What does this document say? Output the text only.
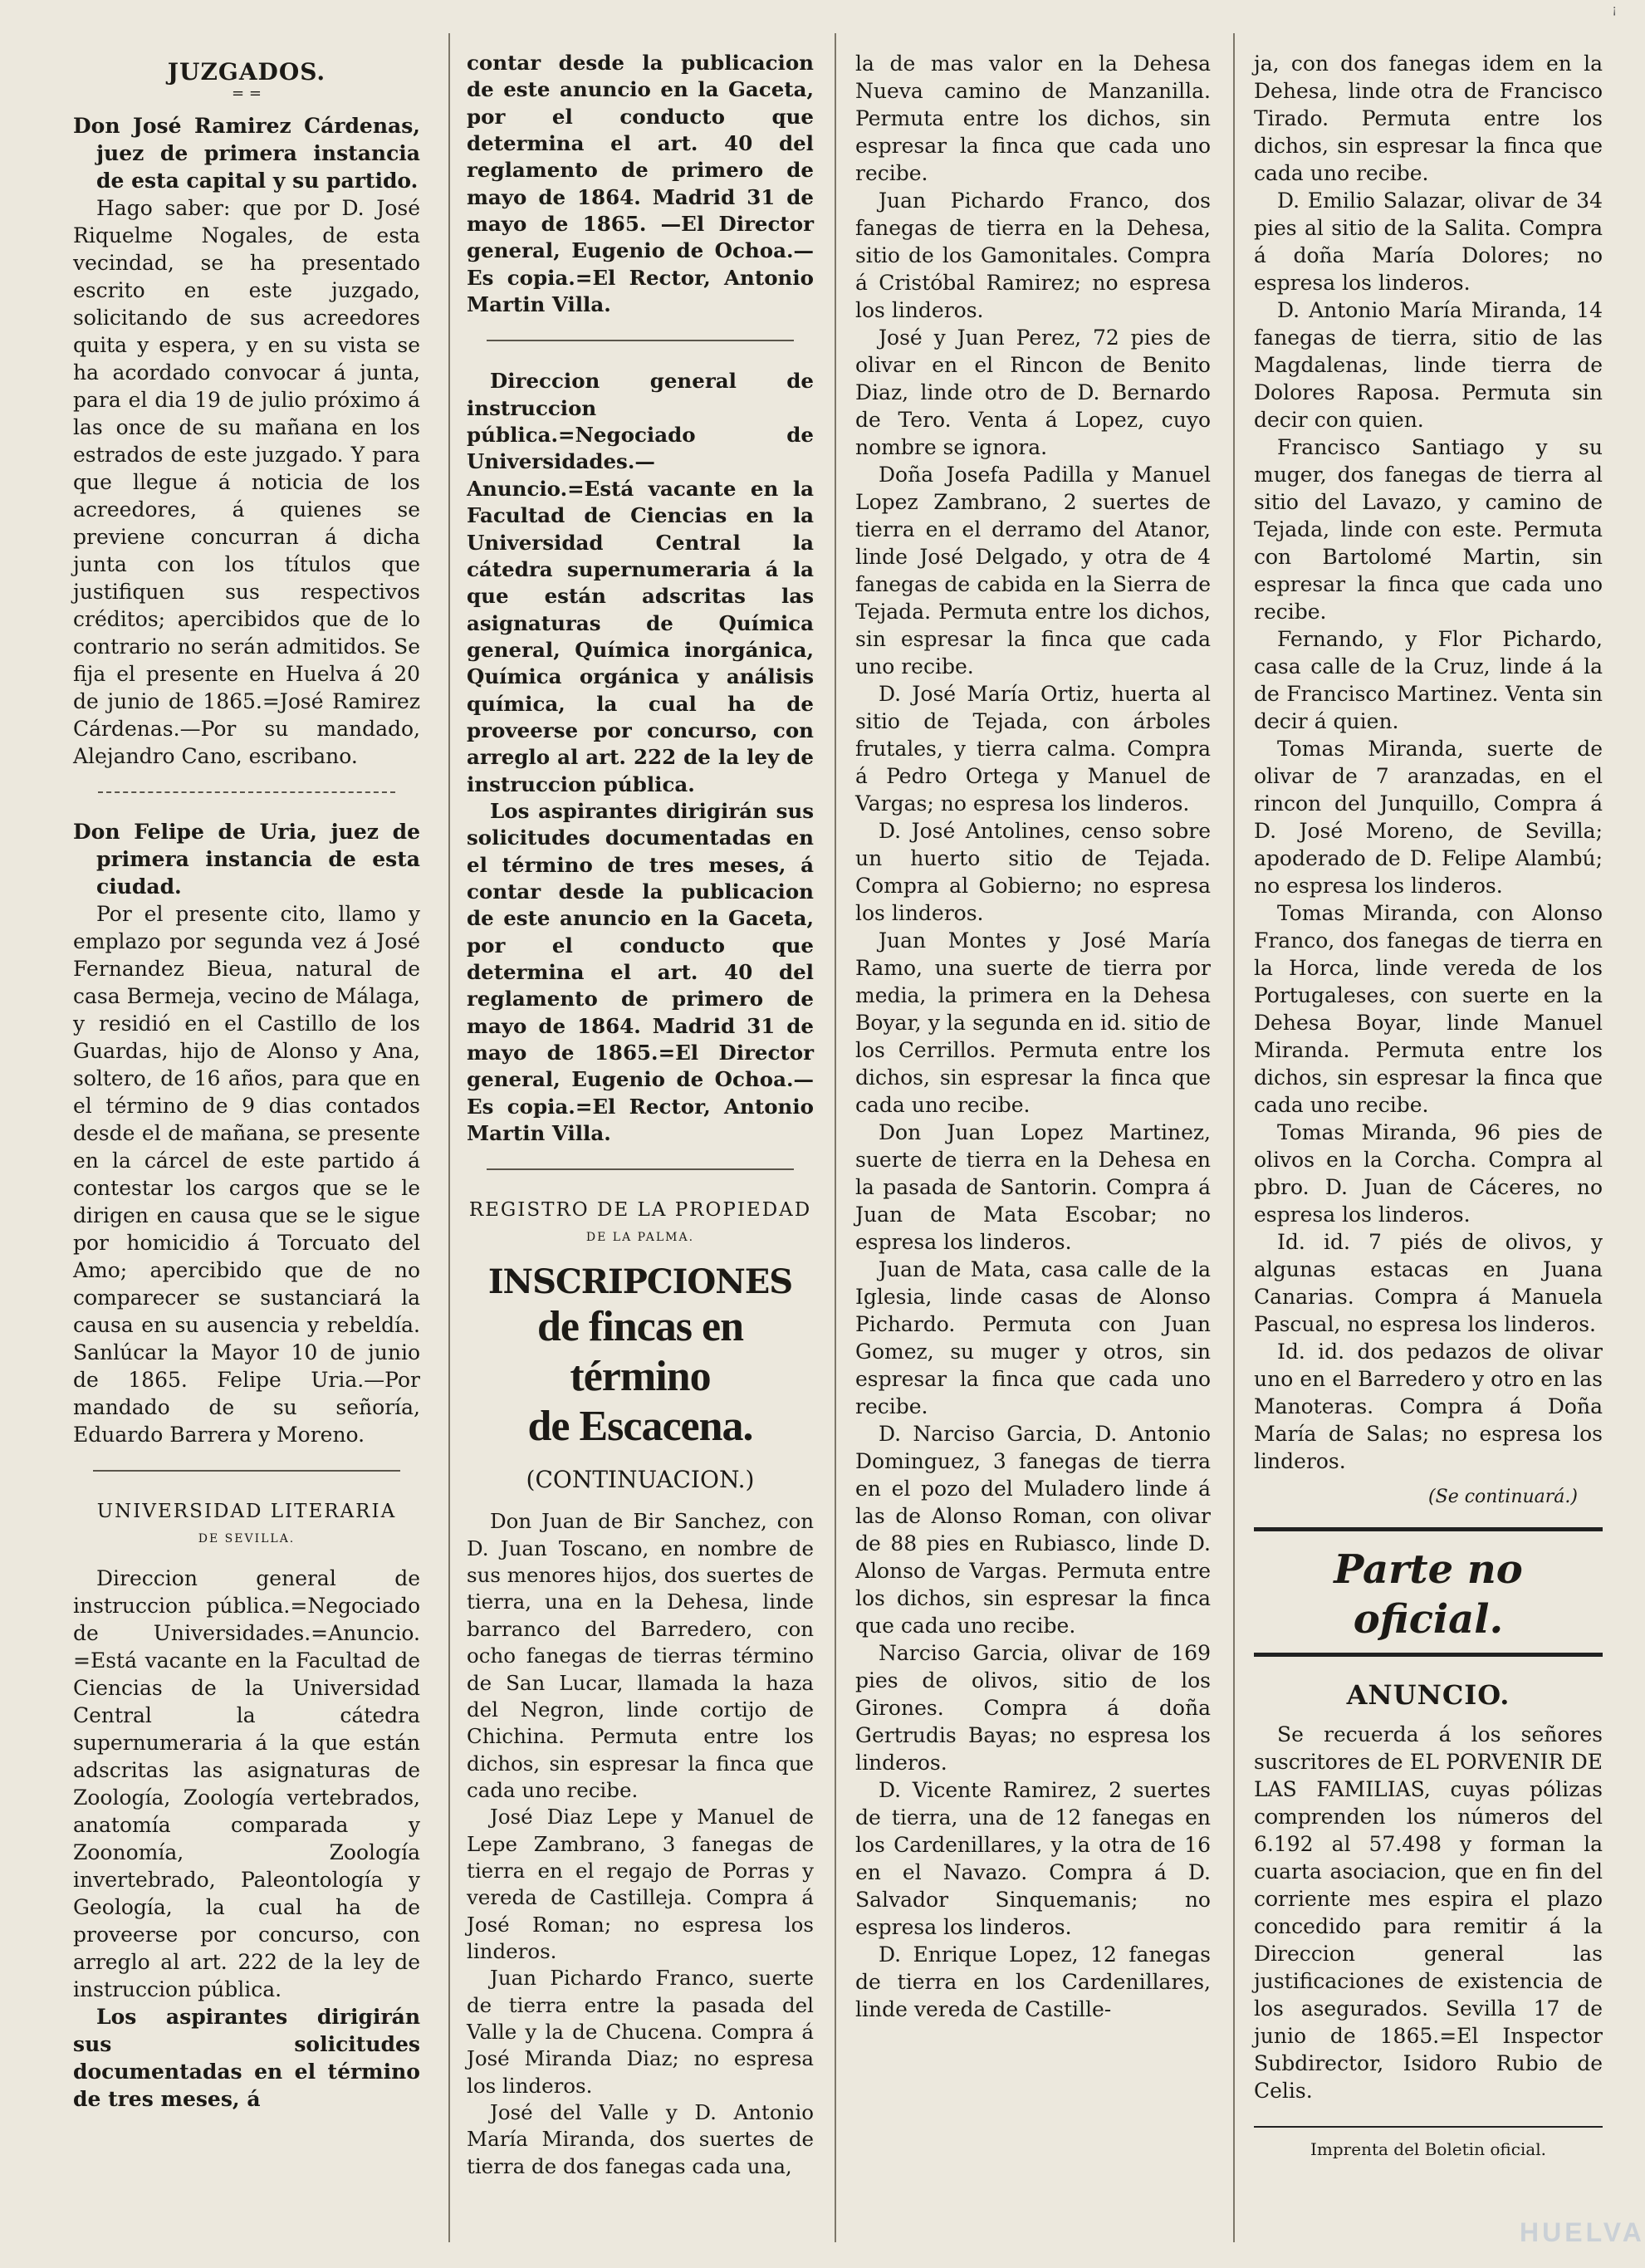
¡
JUZGADOS.
= =

Don José Ramirez Cárdenas, juez de primera instancia de esta capital y su partido.

Hago saber: que por D. José Riquelme Nogales, de esta vecindad, se ha presentado escrito en este juzgado, solicitando de sus acreedores quita y espera, y en su vista se ha acordado convocar á junta, para el dia 19 de julio próximo á las once de su mañana en los estrados de este juzgado. Y para que llegue á noticia de los acreedores, á quienes se previene concurran á dicha junta con los títulos que justifiquen sus respectivos créditos; apercibidos que de lo contrario no serán admitidos. Se fija el presente en Huelva á 20 de junio de 1865.=José Ramirez Cárdenas.—Por su mandado, Alejandro Cano, escribano.

Don Felipe de Uria, juez de primera instancia de esta ciudad.

Por el presente cito, llamo y emplazo por segunda vez á José Fernandez Bieua, natural de casa Bermeja, vecino de Málaga, y residió en el Castillo de los Guardas, hijo de Alonso y Ana, soltero, de 16 años, para que en el término de 9 dias contados desde el de mañana, se presente en la cárcel de este partido á contestar los cargos que se le dirigen en causa que se le sigue por homicidio á Torcuato del Amo; apercibido que de no comparecer se sustanciará la causa en su ausencia y rebeldía. Sanlúcar la Mayor 10 de junio de 1865. Felipe Uria.—Por mandado de su señoría, Eduardo Barrera y Moreno.

UNIVERSIDAD LITERARIA
DE SEVILLA.

Direccion general de instruccion pública.=Negociado de Universidades.=Anuncio. =Está vacante en la Facultad de Ciencias de la Universidad Central la cátedra supernumeraria á la que están adscritas las asignaturas de Zoología, Zoología vertebrados, anatomía comparada y Zoonomía, Zoología invertebrado, Paleontología y Geología, la cual ha de proveerse por concurso, con arreglo al art. 222 de la ley de instruccion pública.

Los aspirantes dirigirán sus solicitudes documentadas en el término de tres meses, á

contar desde la publicacion de este anuncio en la Gaceta, por el conducto que determina el art. 40 del reglamento de primero de mayo de 1864. Madrid 31 de mayo de 1865. —El Director general, Eugenio de Ochoa.—Es copia.=El Rector, Antonio Martin Villa.

Direccion general de instruccion pública.=Negociado de Universidades.—Anuncio.=Está vacante en la Facultad de Ciencias en la Universidad Central la cátedra supernumeraria á la que están adscritas las asignaturas de Química general, Química inorgánica, Química orgánica y análisis química, la cual ha de proveerse por concurso, con arreglo al art. 222 de la ley de instruccion pública.

Los aspirantes dirigirán sus solicitudes documentadas en el término de tres meses, á contar desde la publicacion de este anuncio en la Gaceta, por el conducto que determina el art. 40 del reglamento de primero de mayo de 1864. Madrid 31 de mayo de 1865.=El Director general, Eugenio de Ochoa.—Es copia.=El Rector, Antonio Martin Villa.

REGISTRO DE LA PROPIEDAD
DE LA PALMA.
INSCRIPCIONES
de fincas en término
de Escacena.
(CONTINUACION.)

Don Juan de Bir Sanchez, con D. Juan Toscano, en nombre de sus menores hijos, dos suertes de tierra, una en la Dehesa, linde barranco del Barredero, con ocho fanegas de tierras término de San Lucar, llamada la haza del Negron, linde cortijo de Chichina. Permuta entre los dichos, sin espresar la finca que cada uno recibe.

José Diaz Lepe y Manuel de Lepe Zambrano, 3 fanegas de tierra en el regajo de Porras y vereda de Castilleja. Compra á José Roman; no espresa los linderos.

Juan Pichardo Franco, suerte de tierra entre la pasada del Valle y la de Chucena. Compra á José Miranda Diaz; no espresa los linderos.

José del Valle y D. Antonio María Miranda, dos suertes de tierra de dos fanegas cada una,

la de mas valor en la Dehesa Nueva camino de Manzanilla. Permuta entre los dichos, sin espresar la finca que cada uno recibe.

Juan Pichardo Franco, dos fanegas de tierra en la Dehesa, sitio de los Gamonitales. Compra á Cristóbal Ramirez; no espresa los linderos.

José y Juan Perez, 72 pies de olivar en el Rincon de Benito Diaz, linde otro de D. Bernardo de Tero. Venta á Lopez, cuyo nombre se ignora.

Doña Josefa Padilla y Manuel Lopez Zambrano, 2 suertes de tierra en el derramo del Atanor, linde José Delgado, y otra de 4 fanegas de cabida en la Sierra de Tejada. Permuta entre los dichos, sin espresar la finca que cada uno recibe.

D. José María Ortiz, huerta al sitio de Tejada, con árboles frutales, y tierra calma. Compra á Pedro Ortega y Manuel de Vargas; no espresa los linderos.

D. José Antolines, censo sobre un huerto sitio de Tejada. Compra al Gobierno; no espresa los linderos.

Juan Montes y José María Ramo, una suerte de tierra por media, la primera en la Dehesa Boyar, y la segunda en id. sitio de los Cerrillos. Permuta entre los dichos, sin espresar la finca que cada uno recibe.

Don Juan Lopez Martinez, suerte de tierra en la Dehesa en la pasada de Santorin. Compra á Juan de Mata Escobar; no espresa los linderos.

Juan de Mata, casa calle de la Iglesia, linde casas de Alonso Pichardo. Permuta con Juan Gomez, su muger y otros, sin espresar la finca que cada uno recibe.

D. Narciso Garcia, D. Antonio Dominguez, 3 fanegas de tierra en el pozo del Muladero linde á las de Alonso Roman, con olivar de 88 pies en Rubiasco, linde D. Alonso de Vargas. Permuta entre los dichos, sin espresar la finca que cada uno recibe.

Narciso Garcia, olivar de 169 pies de olivos, sitio de los Girones. Compra á doña Gertrudis Bayas; no espresa los linderos.

D. Vicente Ramirez, 2 suertes de tierra, una de 12 fanegas en los Cardenillares, y la otra de 16 en el Navazo. Compra á D. Salvador Sinquemanis; no espresa los linderos.

D. Enrique Lopez, 12 fanegas de tierra en los Cardenillares, linde vereda de Castille-

ja, con dos fanegas idem en la Dehesa, linde otra de Francisco Tirado. Permuta entre los dichos, sin espresar la finca que cada uno recibe.

D. Emilio Salazar, olivar de 34 pies al sitio de la Salita. Compra á doña María Dolores; no espresa los linderos.

D. Antonio María Miranda, 14 fanegas de tierra, sitio de las Magdalenas, linde tierra de Dolores Raposa. Permuta sin decir con quien.

Francisco Santiago y su muger, dos fanegas de tierra al sitio del Lavazo, y camino de Tejada, linde con este. Permuta con Bartolomé Martin, sin espresar la finca que cada uno recibe.

Fernando, y Flor Pichardo, casa calle de la Cruz, linde á la de Francisco Martinez. Venta sin decir á quien.

Tomas Miranda, suerte de olivar de 7 aranzadas, en el rincon del Junquillo, Compra á D. José Moreno, de Sevilla; apoderado de D. Felipe Alambú; no espresa los linderos.

Tomas Miranda, con Alonso Franco, dos fanegas de tierra en la Horca, linde vereda de los Portugaleses, con suerte en la Dehesa Boyar, linde Manuel Miranda. Permuta entre los dichos, sin espresar la finca que cada uno recibe.

Tomas Miranda, 96 pies de olivos en la Corcha. Compra al pbro. D. Juan de Cáceres, no espresa los linderos.

Id. id. 7 piés de olivos, y algunas estacas en Juana Canarias. Compra á Manuela Pascual, no espresa los linderos.

Id. id. dos pedazos de olivar uno en el Barredero y otro en las Manoteras. Compra á Doña María de Salas; no espresa los linderos.

(Se continuará.)
Parte no oficial.
ANUNCIO.

Se recuerda á los señores suscritores de EL PORVENIR DE LAS FAMILIAS, cuyas pólizas comprenden los números del 6.192 al 57.498 y forman la cuarta asociacion, que en fin del corriente mes espira el plazo concedido para remitir á la Direccion general las justificaciones de existencia de los asegurados. Sevilla 17 de junio de 1865.=El Inspector Subdirector, Isidoro Rubio de Celis.

Imprenta del Boletin oficial.
HUELVA
